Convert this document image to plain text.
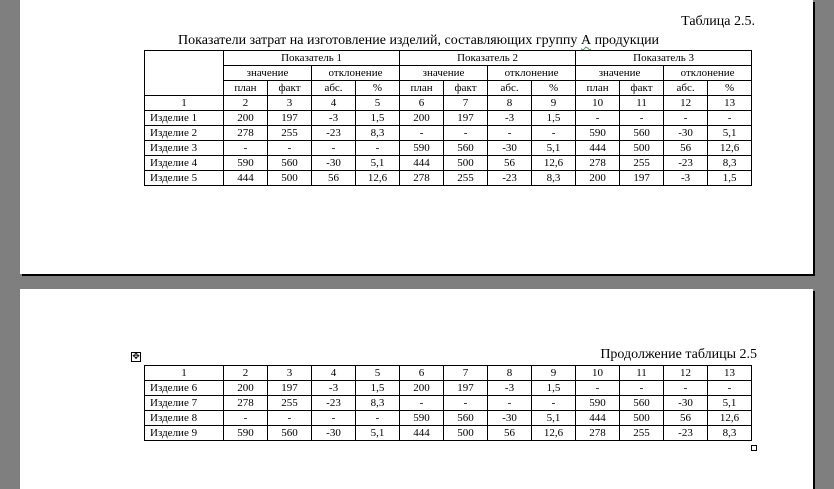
Таблица 2.5.
Показатели затрат на изготовление изделий, составляющих группу А продукции
	Показатель 1				Показатель 2				Показатель 3			
	значение		отклонение		значение		отклонение		значение		отклонение	
	план	факт	абс.	%	план	факт	абс.	%	план	факт	абс.	%
1	2	3	4	5	6	7	8	9	10	11	12	13
Изделие 1	200	197	-3	1,5	200	197	-3	1,5	-	-	-	-
Изделие 2	278	255	-23	8,3	-	-	-	-	590	560	-30	5,1
Изделие 3	-	-	-	-	590	560	-30	5,1	444	500	56	12,6
Изделие 4	590	560	-30	5,1	444	500	56	12,6	278	255	-23	8,3
Изделие 5	444	500	56	12,6	278	255	-23	8,3	200	197	-3	1,5
Продолжение таблицы 2.5
✥
1	2	3	4	5	6	7	8	9	10	11	12	13
Изделие 6	200	197	-3	1,5	200	197	-3	1,5	-	-	-	-
Изделие 7	278	255	-23	8,3	-	-	-	-	590	560	-30	5,1
Изделие 8	-	-	-	-	590	560	-30	5,1	444	500	56	12,6
Изделие 9	590	560	-30	5,1	444	500	56	12,6	278	255	-23	8,3
